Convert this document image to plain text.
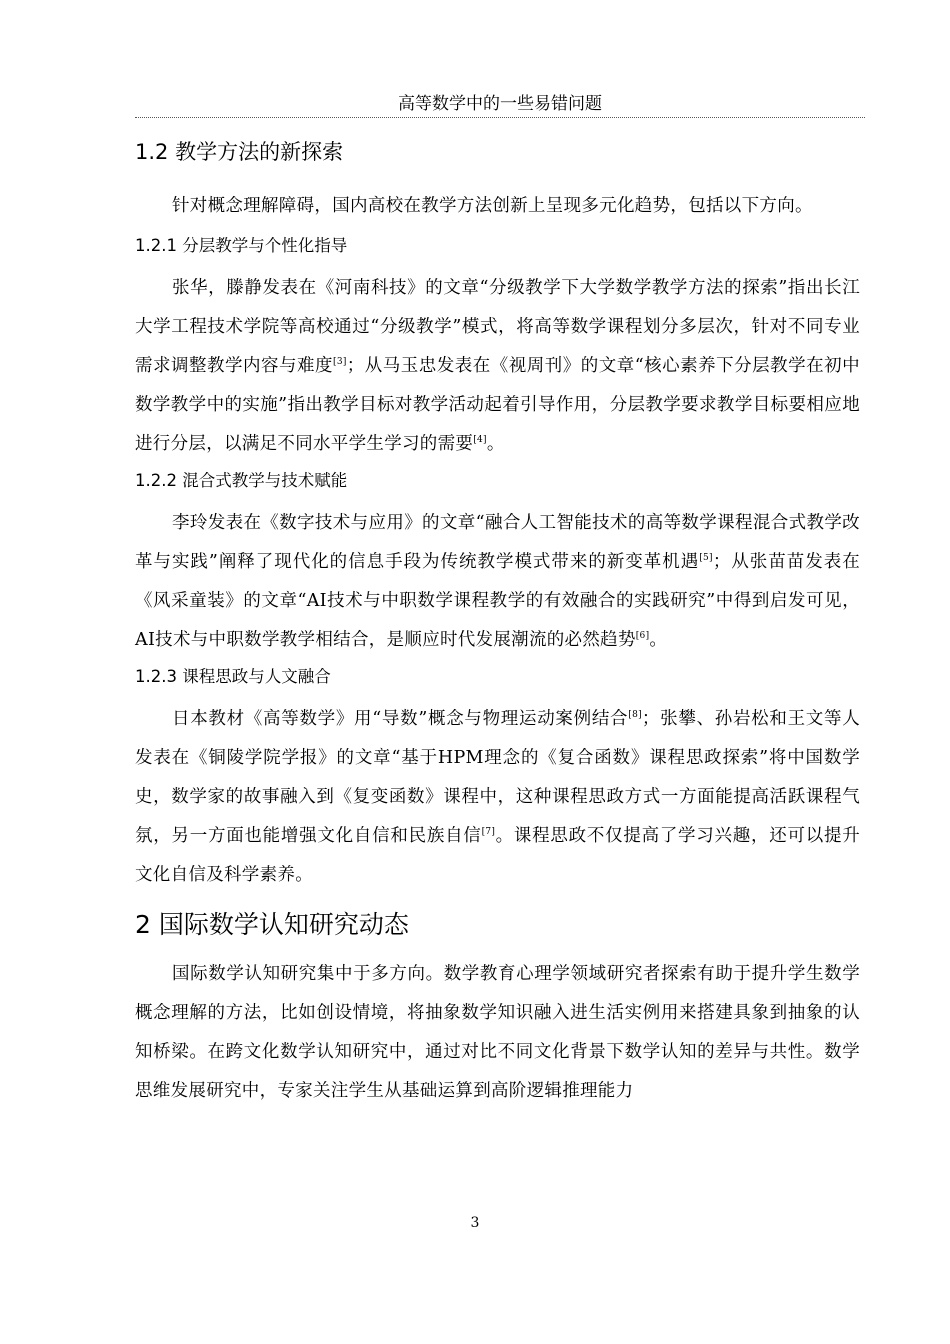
高等数学中的一些易错问题
1.2 教学方法的新探索

针对概念理解障碍，国内高校在教学方法创新上呈现多元化趋势，包括以下方向。

1.2.1 分层教学与个性化指导

张华，滕静发表在《河南科技》的文章“分级教学下大学数学教学方法的探索”指出长江大学工程技术学院等高校通过“分级教学”模式，将高等数学课程划分多层次，针对不同专业需求调整教学内容与难度[3]；从马玉忠发表在《视周刊》的文章“核心素养下分层教学在初中数学教学中的实施”指出教学目标对教学活动起着引导作用，分层教学要求教学目标要相应地进行分层，以满足不同水平学生学习的需要[4]。

1.2.2 混合式教学与技术赋能

李玲发表在《数字技术与应用》的文章“融合人工智能技术的高等数学课程混合式教学改革与实践”阐释了现代化的信息手段为传统教学模式带来的新变革机遇[5]；从张苗苗发表在《风采童装》的文章“AI技术与中职数学课程教学的有效融合的实践研究”中得到启发可见，AI技术与中职数学教学相结合，是顺应时代发展潮流的必然趋势[6]。

1.2.3 课程思政与人文融合

日本教材《高等数学》用“导数”概念与物理运动案例结合[8]；张攀、孙岩松和王文等人发表在《铜陵学院学报》的文章“基于HPM理念的《复合函数》课程思政探索”将中国数学史，数学家的故事融入到《复变函数》课程中，这种课程思政方式一方面能提高活跃课程气氛，另一方面也能增强文化自信和民族自信[7]。课程思政不仅提高了学习兴趣，还可以提升文化自信及科学素养。

2 国际数学认知研究动态

国际数学认知研究集中于多方向。数学教育心理学领域研究者探索有助于提升学生数学概念理解的方法，比如创设情境，将抽象数学知识融入进生活实例用来搭建具象到抽象的认知桥梁。在跨文化数学认知研究中，通过对比不同文化背景下数学认知的差异与共性。数学思维发展研究中，专家关注学生从基础运算到高阶逻辑推理能力

3
